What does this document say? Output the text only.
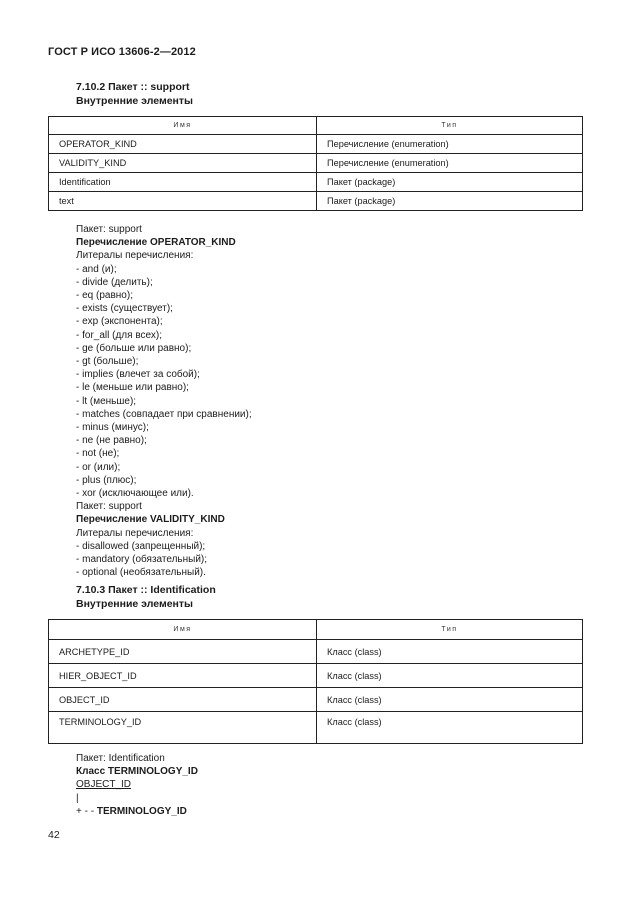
ГОСТ Р ИСО 13606-2—2012
7.10.2 Пакет :: support
Внутренние элементы
Имя	Тип
OPERATOR_KIND	Перечисление (enumeration)
VALIDITY_KIND	Перечисление (enumeration)
Identification	Пакет (package)
text	Пакет (package)
Пакет: support
Перечисление OPERATOR_KIND
Литералы перечисления:
- and (и);
- divide (делить);
- eq (равно);
- exists (существует);
- exp (экспонента);
- for_all (для всех);
- ge (больше или равно);
- gt (больше);
- implies (влечет за собой);
- le (меньше или равно);
- lt (меньше);
- matches (совпадает при сравнении);
- minus (минус);
- ne (не равно);
- not (не);
- or (или);
- plus (плюс);
- xor (исключающее или).
Пакет: support
Перечисление VALIDITY_KIND
Литералы перечисления:
- disallowed (запрещенный);
- mandatory (обязательный);
- optional (необязательный).
7.10.3 Пакет :: Identification
Внутренние элементы
Имя	Тип
ARCHETYPE_ID	Класс (class)
HIER_OBJECT_ID	Класс (class)
OBJECT_ID	Класс (class)
TERMINOLOGY_ID	Класс (class)
Пакет: Identification
Класс TERMINOLOGY_ID
OBJECT_ID
|
+ - - TERMINOLOGY_ID
42
